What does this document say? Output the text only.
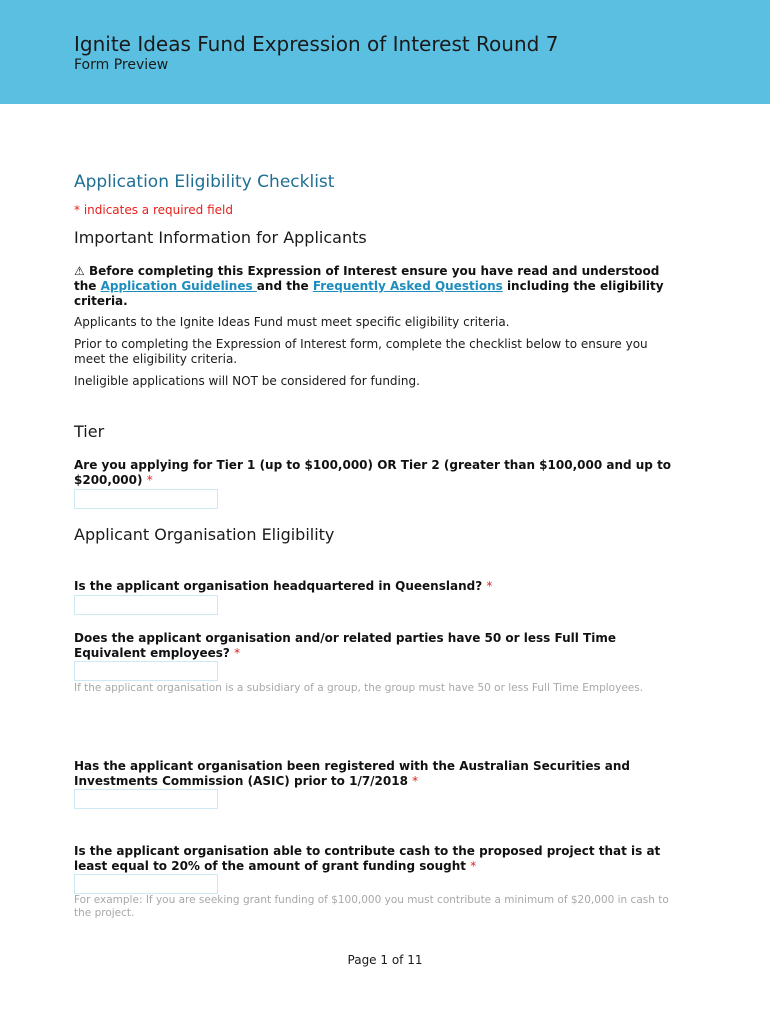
Ignite Ideas Fund Expression of Interest Round 7
Form Preview
Application Eligibility Checklist
* indicates a required field
Important Information for Applicants
⚠ Before completing this Expression of Interest ensure you have read and understood the Application Guidelines and the Frequently Asked Questions including the eligibility criteria.
Applicants to the Ignite Ideas Fund must meet specific eligibility criteria.
Prior to completing the Expression of Interest form, complete the checklist below to ensure you meet the eligibility criteria.
Ineligible applications will NOT be considered for funding.
Tier
Are you applying for Tier 1 (up to $100,000) OR Tier 2 (greater than $100,000 and up to $200,000) *
Applicant Organisation Eligibility
Is the applicant organisation headquartered in Queensland? *
Does the applicant organisation and/or related parties have 50 or less Full Time Equivalent employees? *
If the applicant organisation is a subsidiary of a group, the group must have 50 or less Full Time Employees.
Has the applicant organisation been registered with the Australian Securities and Investments Commission (ASIC) prior to 1/7/2018 *
Is the applicant organisation able to contribute cash to the proposed project that is at least equal to 20% of the amount of grant funding sought *
For example: If you are seeking grant funding of $100,000 you must contribute a minimum of $20,000 in cash to the project.
Page 1 of 11
